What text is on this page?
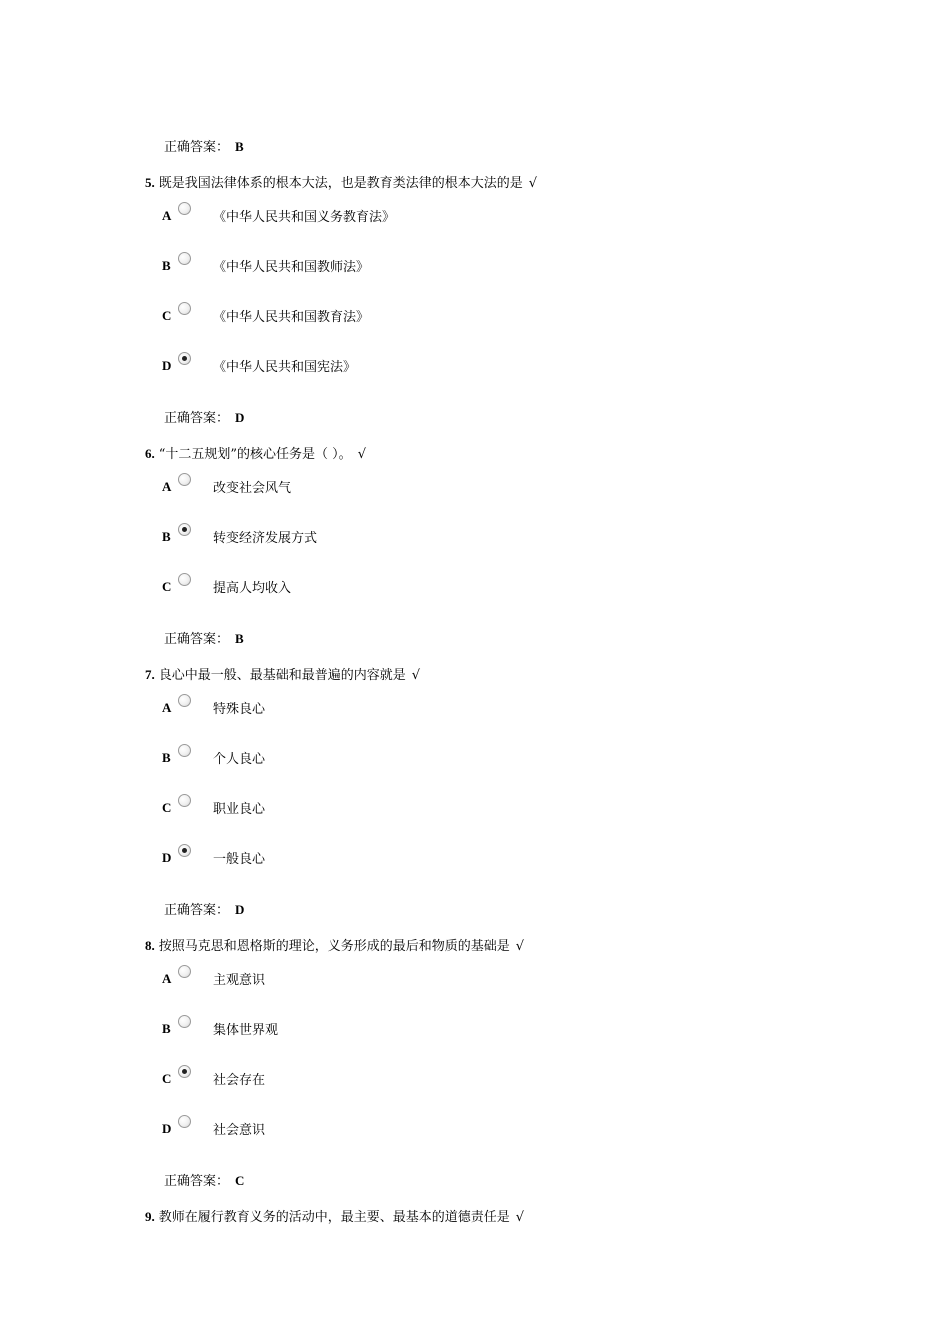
正确答案： B
5. 既是我国法律体系的根本大法，也是教育类法律的根本大法的是 √
A	《中华人民共和国义务教育法》
B	《中华人民共和国教师法》
C	《中华人民共和国教育法》
D	《中华人民共和国宪法》
正确答案： D
6. “十二五规划”的核心任务是（ ）。 √
A	改变社会风气
B	转变经济发展方式
C	提高人均收入
正确答案： B
7. 良心中最一般、最基础和最普遍的内容就是 √
A	特殊良心
B	个人良心
C	职业良心
D	一般良心
正确答案： D
8. 按照马克思和恩格斯的理论，义务形成的最后和物质的基础是 √
A	主观意识
B	集体世界观
C	社会存在
D	社会意识
正确答案： C
9. 教师在履行教育义务的活动中，最主要、最基本的道德责任是 √
